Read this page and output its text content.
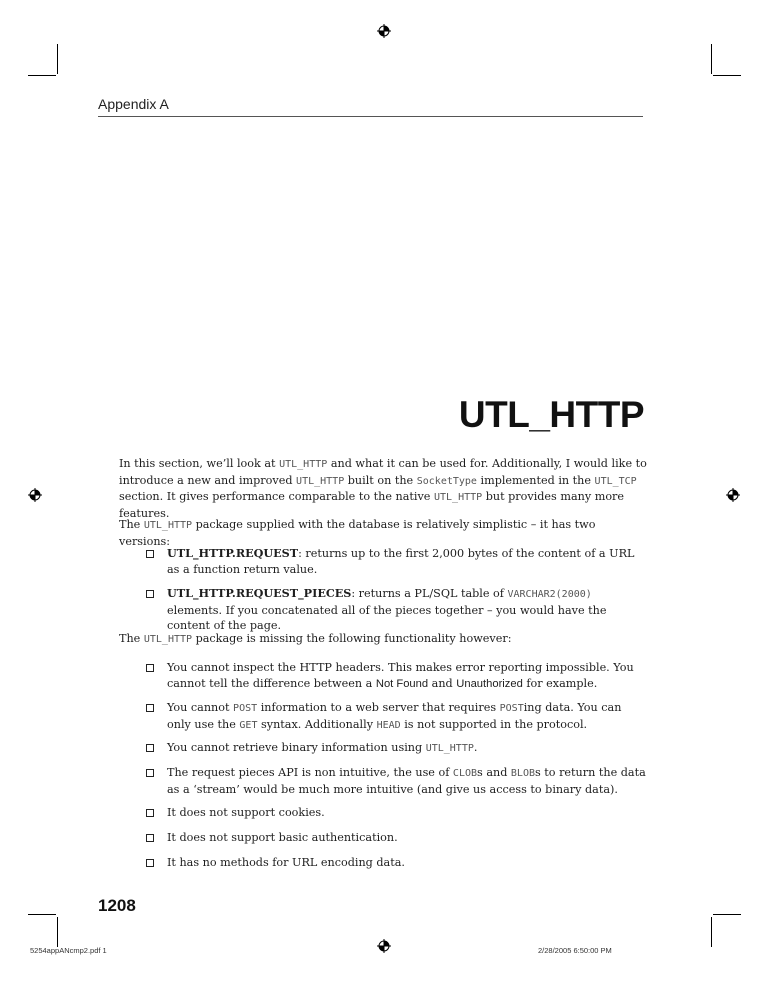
Appendix A
UTL_HTTP
In this section, we’ll look at UTL_HTTP and what it can be used for. Additionally, I would like to introduce a new and improved UTL_HTTP built on the SocketType implemented in the UTL_TCP section. It gives performance comparable to the native UTL_HTTP but provides many more features.
The UTL_HTTP package supplied with the database is relatively simplistic – it has two versions:
UTL_HTTP.REQUEST: returns up to the first 2,000 bytes of the content of a URL as a function return value.
UTL_HTTP.REQUEST_PIECES: returns a PL/SQL table of VARCHAR2(2000) elements. If you concatenated all of the pieces together – you would have the content of the page.
The UTL_HTTP package is missing the following functionality however:
You cannot inspect the HTTP headers. This makes error reporting impossible. You cannot tell the difference between a Not Found and Unauthorized for example.
You cannot POST information to a web server that requires POSTing data. You can only use the GET syntax. Additionally HEAD is not supported in the protocol.
You cannot retrieve binary information using UTL_HTTP.
The request pieces API is non intuitive, the use of CLOBs and BLOBs to return the data as a ‘stream’ would be much more intuitive (and give us access to binary data).
It does not support cookies.
It does not support basic authentication.
It has no methods for URL encoding data.
1208
5254appANcmp2.pdf 1	2/28/2005 6:50:00 PM
